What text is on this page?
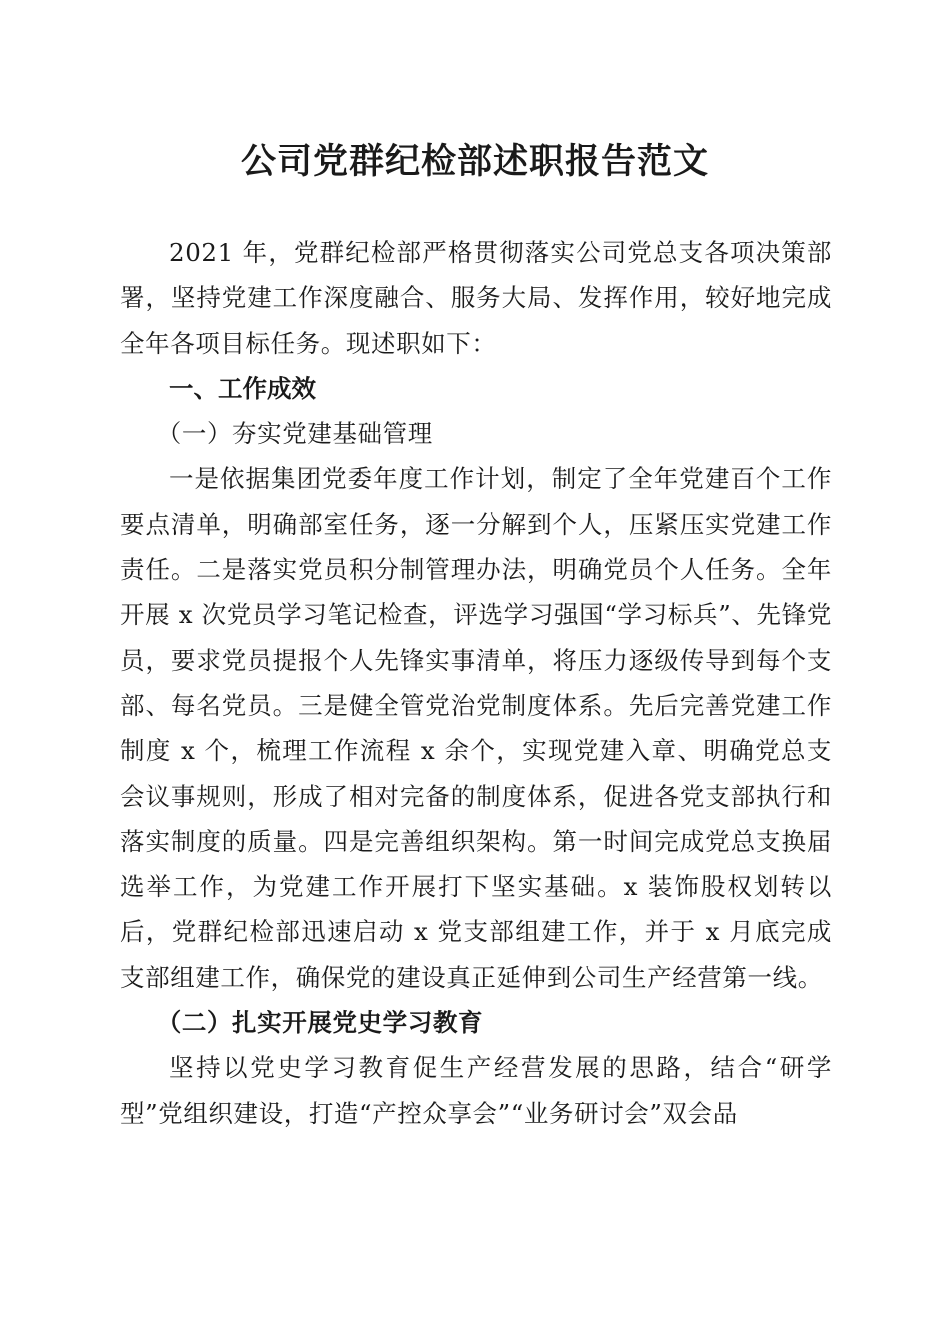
公司党群纪检部述职报告范文

2021 年，党群纪检部严格贯彻落实公司党总支各项决策部署，坚持党建工作深度融合、服务大局、发挥作用，较好地完成全年各项目标任务。现述职如下：

一、工作成效

（一）夯实党建基础管理

一是依据集团党委年度工作计划，制定了全年党建百个工作要点清单，明确部室任务，逐一分解到个人，压紧压实党建工作责任。二是落实党员积分制管理办法，明确党员个人任务。全年开展 x 次党员学习笔记检查，评选学习强国“学习标兵”、先锋党员，要求党员提报个人先锋实事清单，将压力逐级传导到每个支部、每名党员。三是健全管党治党制度体系。先后完善党建工作制度 x 个，梳理工作流程 x 余个，实现党建入章、明确党总支会议事规则，形成了相对完备的制度体系，促进各党支部执行和落实制度的质量。四是完善组织架构。第一时间完成党总支换届选举工作，为党建工作开展打下坚实基础。x 装饰股权划转以后，党群纪检部迅速启动 x 党支部组建工作，并于 x 月底完成支部组建工作，确保党的建设真正延伸到公司生产经营第一线。

（二）扎实开展党史学习教育

坚持以党史学习教育促生产经营发展的思路，结合“研学型”党组织建设，打造“产控众享会”“业务研讨会”双会品
